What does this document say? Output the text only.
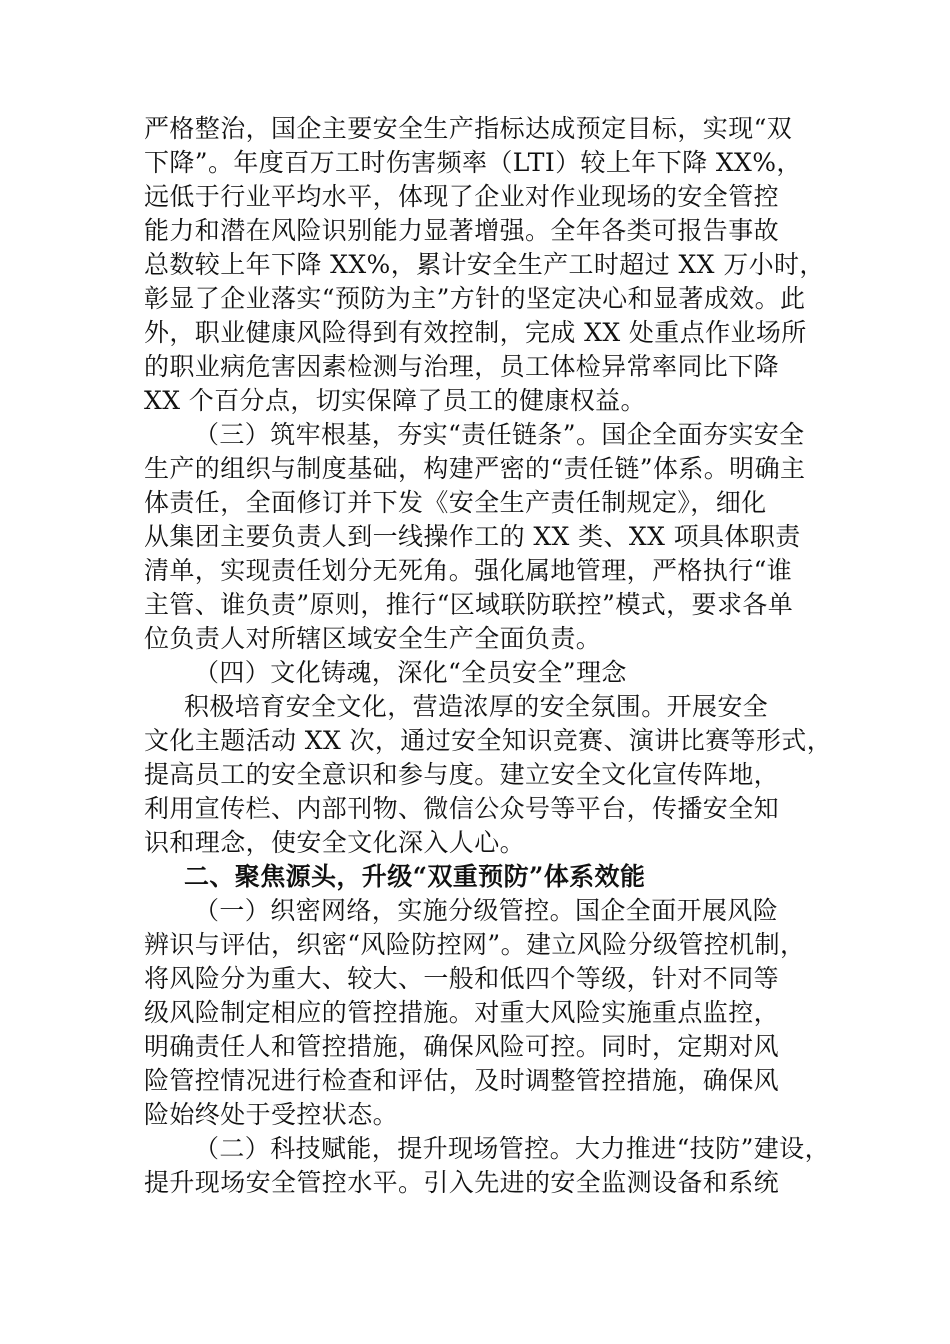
严格整治，国企主要安全生产指标达成预定目标，实现“双
下降”。年度百万工时伤害频率（LTI）较上年下降 XX%，
远低于行业平均水平，体现了企业对作业现场的安全管控
能力和潜在风险识别能力显著增强。全年各类可报告事故
总数较上年下降 XX%，累计安全生产工时超过 XX 万小时，
彰显了企业落实“预防为主”方针的坚定决心和显著成效。此
外，职业健康风险得到有效控制，完成 XX 处重点作业场所
的职业病危害因素检测与治理，员工体检异常率同比下降
XX 个百分点，切实保障了员工的健康权益。
（三）筑牢根基，夯实“责任链条”。国企全面夯实安全
生产的组织与制度基础，构建严密的“责任链”体系。明确主
体责任，全面修订并下发《安全生产责任制规定》，细化
从集团主要负责人到一线操作工的 XX 类、XX 项具体职责
清单，实现责任划分无死角。强化属地管理，严格执行“谁
主管、谁负责”原则，推行“区域联防联控”模式，要求各单
位负责人对所辖区域安全生产全面负责。
（四）文化铸魂，深化“全员安全”理念
积极培育安全文化，营造浓厚的安全氛围。开展安全
文化主题活动 XX 次，通过安全知识竞赛、演讲比赛等形式，
提高员工的安全意识和参与度。建立安全文化宣传阵地，
利用宣传栏、内部刊物、微信公众号等平台，传播安全知
识和理念，使安全文化深入人心。
二、聚焦源头，升级“双重预防”体系效能
（一）织密网络，实施分级管控。国企全面开展风险
辨识与评估，织密“风险防控网”。建立风险分级管控机制，
将风险分为重大、较大、一般和低四个等级，针对不同等
级风险制定相应的管控措施。对重大风险实施重点监控，
明确责任人和管控措施，确保风险可控。同时，定期对风
险管控情况进行检查和评估，及时调整管控措施，确保风
险始终处于受控状态。
（二）科技赋能，提升现场管控。大力推进“技防”建设，
提升现场安全管控水平。引入先进的安全监测设备和系统
